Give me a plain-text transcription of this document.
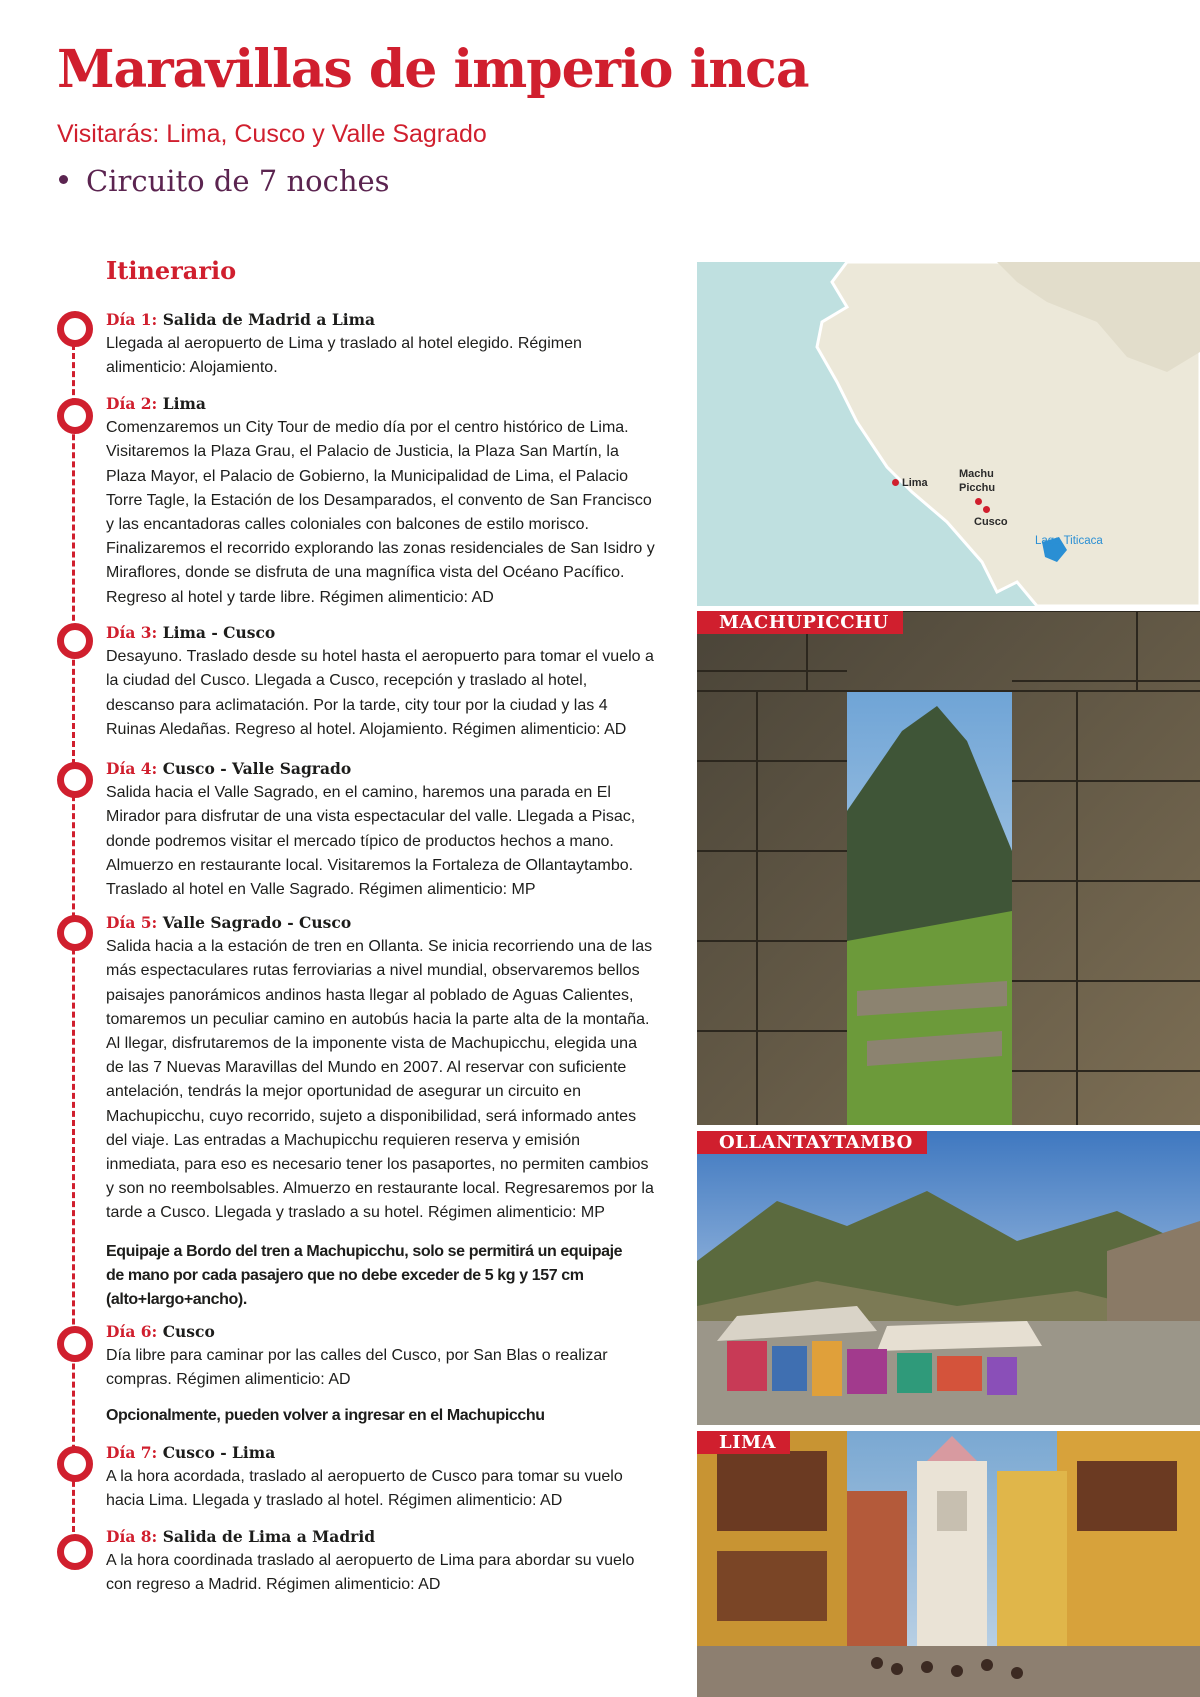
Maravillas de imperio inca

Visitarás: Lima, Cusco y Valle Sagrado

Circuito de 7 noches

Itinerario
Día 1: Salida de Madrid a Lima

Llegada al aeropuerto de Lima y traslado al hotel elegido. Régimen alimenticio: Alojamiento.

Día 2: Lima

Comenzaremos un City Tour de medio día por el centro histórico de Lima. Visitaremos la Plaza Grau, el Palacio de Justicia, la Plaza San Martín, la Plaza Mayor, el Palacio de Gobierno, la Municipalidad de Lima, el Palacio Torre Tagle, la Estación de los Desamparados, el convento de San Francisco y las encantadoras calles coloniales con balcones de estilo morisco. Finalizaremos el recorrido explorando las zonas residenciales de San Isidro y Miraflores, donde se disfruta de una magnífica vista del Océano Pacífico. Regreso al hotel y tarde libre. Régimen alimenticio: AD

Día 3: Lima - Cusco

Desayuno. Traslado desde su hotel hasta el aeropuerto para tomar el vuelo a la ciudad del Cusco. Llegada a Cusco, recepción y traslado al hotel, descanso para aclimatación. Por la tarde, city tour por la ciudad y las 4 Ruinas Aledañas. Regreso al hotel. Alojamiento. Régimen alimenticio: AD

Día 4: Cusco - Valle Sagrado

Salida hacia el Valle Sagrado, en el camino, haremos una parada en El Mirador para disfrutar de una vista espectacular del valle. Llegada a Pisac, donde podremos visitar el mercado típico de productos hechos a mano. Almuerzo en restaurante local. Visitaremos la Fortaleza de Ollantaytambo. Traslado al hotel en Valle Sagrado. Régimen alimenticio: MP

Día 5: Valle Sagrado - Cusco

Salida hacia a la estación de tren en Ollanta. Se inicia recorriendo una de las más espectaculares rutas ferroviarias a nivel mundial, observaremos bellos paisajes panorámicos andinos hasta llegar al poblado de Aguas Calientes, tomaremos un peculiar camino en autobús hacia la parte alta de la montaña. Al llegar, disfrutaremos de la imponente vista de Machupicchu, elegida una de las 7 Nuevas Maravillas del Mundo en 2007. Al reservar con suficiente antelación, tendrás la mejor oportunidad de asegurar un circuito en Machupicchu, cuyo recorrido, sujeto a disponibilidad, será informado antes del viaje. Las entradas a Machupicchu requieren reserva y emisión inmediata, para eso es necesario tener los pasaportes, no permiten cambios y son no reembolsables. Almuerzo en restaurante local. Regresaremos por la tarde a Cusco. Llegada y traslado a su hotel. Régimen alimenticio: MP

Equipaje a Bordo del tren a Machupicchu, solo se permitirá un equipaje de mano por cada pasajero que no debe exceder de 5 kg y 157 cm (alto+largo+ancho).
Día 6: Cusco

Día libre para caminar por las calles del Cusco, por San Blas o realizar compras. Régimen alimenticio: AD

Opcionalmente, pueden volver a ingresar en el Machupicchu
Día 7: Cusco - Lima

A la hora acordada, traslado al aeropuerto de Cusco para tomar su vuelo hacia Lima. Llegada y traslado al hotel. Régimen alimenticio: AD

Día 8: Salida de Lima a Madrid

A la hora coordinada traslado al aeropuerto de Lima para abordar su vuelo con regreso a Madrid. Régimen alimenticio: AD

Lima
Machu Picchu
Cusco
Lago Titicaca
MACHUPICCHU
OLLANTAYTAMBO
LIMA
